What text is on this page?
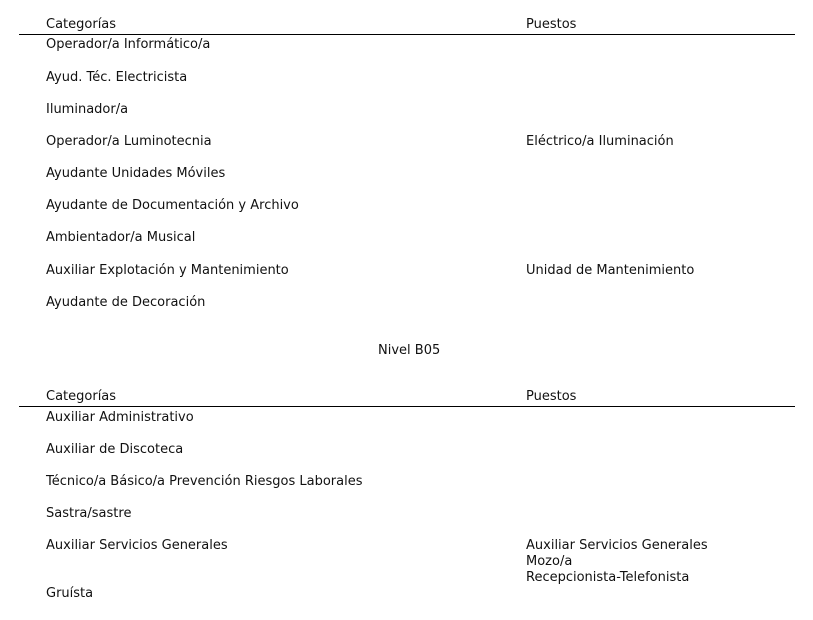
Categorías	Puestos
Operador/a Informático/a
Ayud. Téc. Electricista
Iluminador/a
Operador/a Luminotecnia
Ayudante Unidades Móviles
Ayudante de Documentación y Archivo
Ambientador/a Musical
Auxiliar Explotación y Mantenimiento
Ayudante de Decoración
Eléctrico/a Iluminación
Unidad de Mantenimiento
Nivel B05
Categorías	Puestos
Auxiliar Administrativo
Auxiliar de Discoteca
Técnico/a Básico/a Prevención Riesgos Laborales
Sastra/sastre
Auxiliar Servicios Generales
Gruísta
Auxiliar Servicios Generales
Mozo/a
Recepcionista-Telefonista
